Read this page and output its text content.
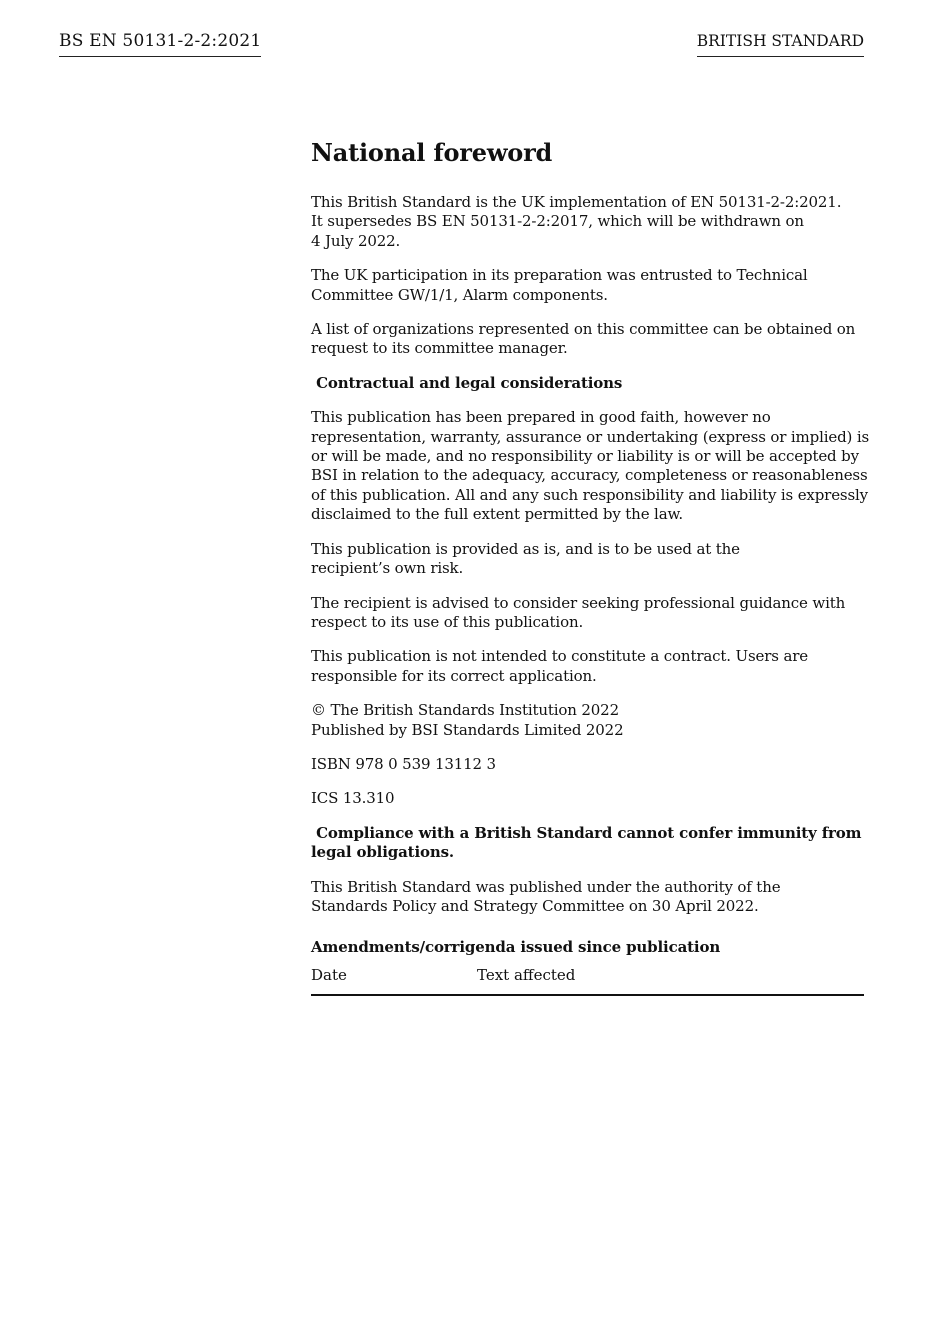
BS EN 50131-2-2:2021	BRITISH STANDARD
National foreword

This British Standard is the UK implementation of EN 50131-2-2:2021.
It supersedes BS EN 50131-2-2:2017, which will be withdrawn on
4 July 2022.

The UK participation in its preparation was entrusted to Technical Committee GW/1/1, Alarm components.

A list of organizations represented on this committee can be obtained on request to its committee manager.

Contractual and legal considerations

This publication has been prepared in good faith, however no representation, warranty, assurance or undertaking (express or implied) is or will be made, and no responsibility or liability is or will be accepted by BSI in relation to the adequacy, accuracy, completeness or reasonableness of this publication. All and any such responsibility and liability is expressly disclaimed to the full extent permitted by the law.

This publication is provided as is, and is to be used at the
recipient’s own risk.

The recipient is advised to consider seeking professional guidance with respect to its use of this publication.

This publication is not intended to constitute a contract. Users are responsible for its correct application.

© The British Standards Institution 2022
Published by BSI Standards Limited 2022

ISBN 978 0 539 13112 3

ICS 13.310

Compliance with a British Standard cannot confer immunity from legal obligations.

This British Standard was published under the authority of the
Standards Policy and Strategy Committee on 30 April 2022.

Amendments/corrigenda issued since publication
Date	Text affected
